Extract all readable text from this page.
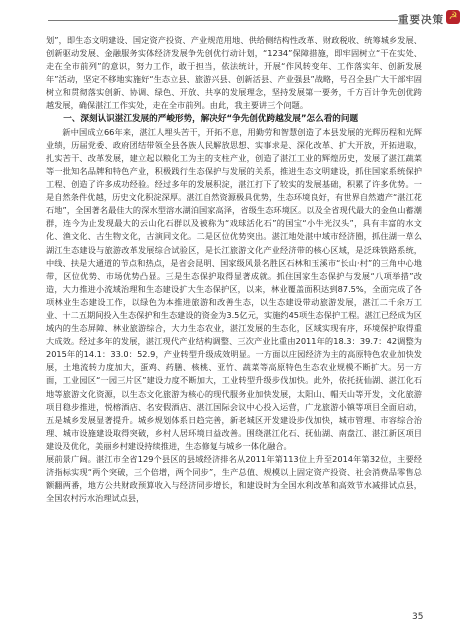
重要决策 ☭

划”，即生态文明建设、国定资产投资、产业规范用地、供给侧结构性改革、财政税收、统筹城乡发展、创新驱动发展、金融服务实体经济发展争先创优行动计划，“1234”保障措施，即牢固树立“干在实处、走在全市前列”的意识，努力工作，敢于担当，依法统计，开展“作风转变年、工作落实年、创新发展年”活动，坚定不移地实施好“生态立县、旅游兴县、创新活县、产业强县”战略，号召全县广大干部牢固树立和贯彻落实创新、协调、绿色、开放、共享的发展理念，坚持发展第一要务，千方百计争先创优跨越发展，确保湛江工作实处，走在全市前列。由此，我主要讲三个问题。

一、深刻认识湛江发展的严峻形势，解决好“争先创优跨越发展”怎么看的问题

新中国成立66年来，湛江人埋头苦干，开拓不息，用勤劳和智慧创造了本县发展的光辉历程和光辉业绩，历届党委、政府团结带领全县各族人民解放思想、实事求是、深化改革、扩大开放，开拓进取，扎实苦干、改革发展，建立起以粮化工为主的支柱产业，创造了湛江工业的辉煌历史，发展了湛江蔬菜等一批知名品牌和特色产业，积极践行生态保护与发展的关系，推进生态文明建设，抓住国家系统保护工程、创造了许多成功经验。经过多年的发展积淀，湛江打下了较实的发展基础，积累了许多优势。一是自然条件优越，历史文化积淀深厚。湛江自然资源极具优势，生态环境良好，有世界自然遗产“湛江花石地”，全国著名最佳大的深水型溶水湖泊国家高泽，省级生态环境区。以及全省现代最大的金鱼山蓄潮群，连今为止发现最大的云山化石群以及被称为“戏球活化石”的国宝“小牛光汉头”，具有丰富的水文化、渔文化、古生物文化，古演同文化。二是区位优势突出。湛江地处湛中域市经济圈，抓住湖一草么湖江生态建设与旅游改革发展综合试验区，是长江旅游文化产业经济带的核心区域，是泛珠铁路系统，中线、扶是大通道的节点和热点，是省会昆明、国家级风景名胜区石林和玉溪市“长山·村”的三角中心地带，区位优势、市场优势凸显。三是生态保护取得显著成就。抓住国家生态保护与发展“八项举措”改造，大力推进小流域治理和生态建设扩大生态保护区，以来，林业覆盖面积达到87.5%，全面完成了各项林业生态建设工作，以绿色为本推进旅游和改善生态，以生态建设带动旅游发展，湛江二千余万工业、十二五期间投入生态保护和生态建设的资金为3.5亿元，实施约45项生态保护工程。湛江已经成为区域内的生态屏障、林业旅游综合，大力生态农业，湛江发展的生态化，区域实现有序，环境保护取得重大成效。经过多年的发展，湛江现代产业结构调整、三次产业比重由2011年的18.3：39.7：42调整为2015年的14.1：33.0：52.9，产业转型升级成效明显。一方面以庄园经济为主的高原特色农业加快发展，土地流转力度加大，蛋鸡、药膳、核桃、亚竹、蔬菜等高原特色生态农业规模不断扩大。另一方面，工业园区“一园三片区”建设力度不断加大，工业转型升级步伐加快。此外，依托抚仙湖、湛江化石地等旅游文化资源，以生态文化旅游为核心的现代服务业加快发展，太阳山、帽天山等开发，文化旅游项目稳步推进，悦榕酒店、名安假酒店、湛江国际会议中心投入运营，广龙旅游小镇等项目全面启动，五是城乡发展显著提升。城乡规划体系日趋完善，新老城区开发建设步伐加快，城市管理、市容综合治理、城市设施建设取得突破，乡村人居环境日益改善。围绕湛江化石、抚仙湖、南盘江、湛江新区项目建设及优化，美丽乡村建设持续推进，生态修复与城乡一体化融合。

展前景广阔。湛江市全省129个县区的县域经济排名从2011年第113位上升至2014年第32位，主要经济指标实现“两个突破，三个倍增，两个同步”，生产总值、规模以上固定资产投资、社会消费品零售总额翻两番，地方公共财政预算收入与经济同步增长，和建设时为全国水利改革和高效节水减排试点县，全国农村污水治理试点县，

35
